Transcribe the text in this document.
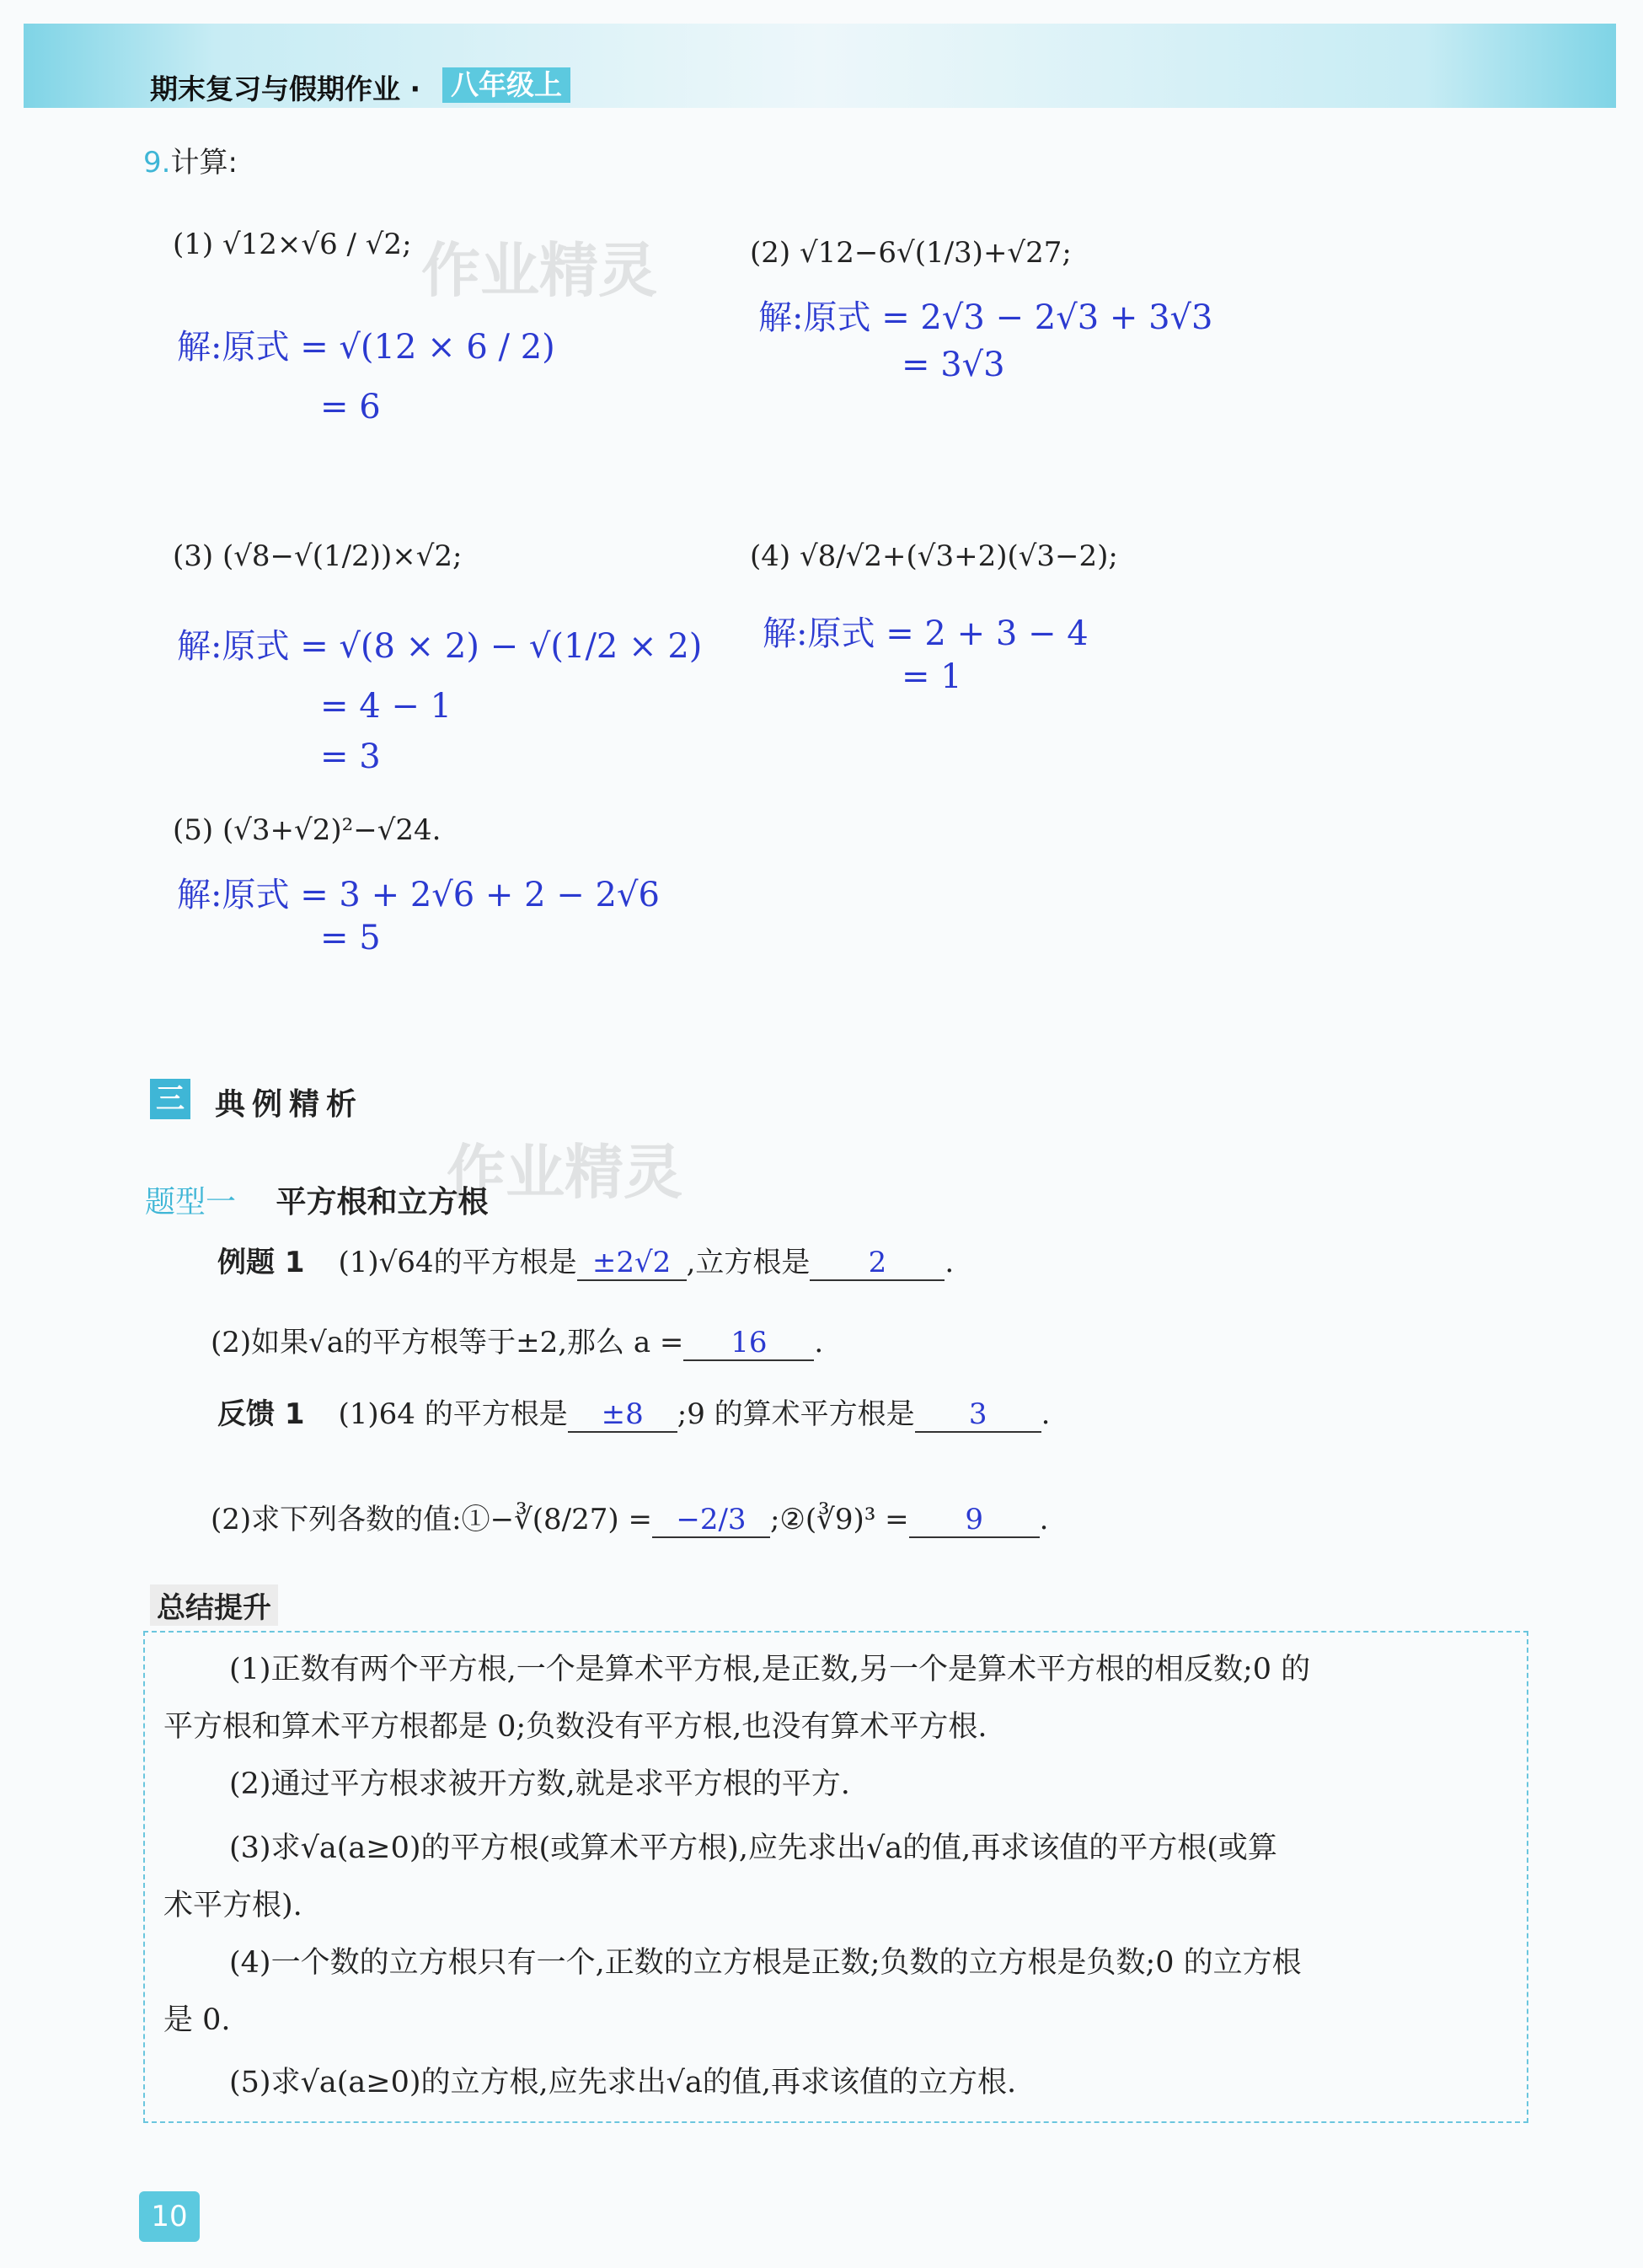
期末复习与假期作业 ·	八年级上
9.计算:
作业精灵
(1) √12×√6 / √2;
解:原式 = √(12 × 6 / 2)
= 6
(2) √12−6√(1/3)+√27;
解:原式 = 2√3 − 2√3 + 3√3
= 3√3
(3) (√8−√(1/2))×√2;
解:原式 = √(8 × 2) − √(1/2 × 2)
= 4 − 1
= 3
(4) √8/√2+(√3+2)(√3−2);
解:原式 = 2 + 3 − 4
= 1
(5) (√3+√2)²−√24.
解:原式 = 3 + 2√6 + 2 − 2√6
= 5
三 典例精析
作业精灵
题型一 平方根和立方根
例题 1 (1)√64的平方根是 ±2√2 ,立方根是 2 .
(2)如果√a的平方根等于±2,那么 a = 16 .
反馈 1 (1)64 的平方根是 ±8 ;9 的算术平方根是 3 .
(2)求下列各数的值:①−∛(8/27) = −2/3 ;②(∛9)³ = 9 .
总结提升
(1)正数有两个平方根,一个是算术平方根,是正数,另一个是算术平方根的相反数;0 的
平方根和算术平方根都是 0;负数没有平方根,也没有算术平方根.
(2)通过平方根求被开方数,就是求平方根的平方.
(3)求√a(a≥0)的平方根(或算术平方根),应先求出√a的值,再求该值的平方根(或算
术平方根).
(4)一个数的立方根只有一个,正数的立方根是正数;负数的立方根是负数;0 的立方根
是 0.
(5)求√a(a≥0)的立方根,应先求出√a的值,再求该值的立方根.
10
